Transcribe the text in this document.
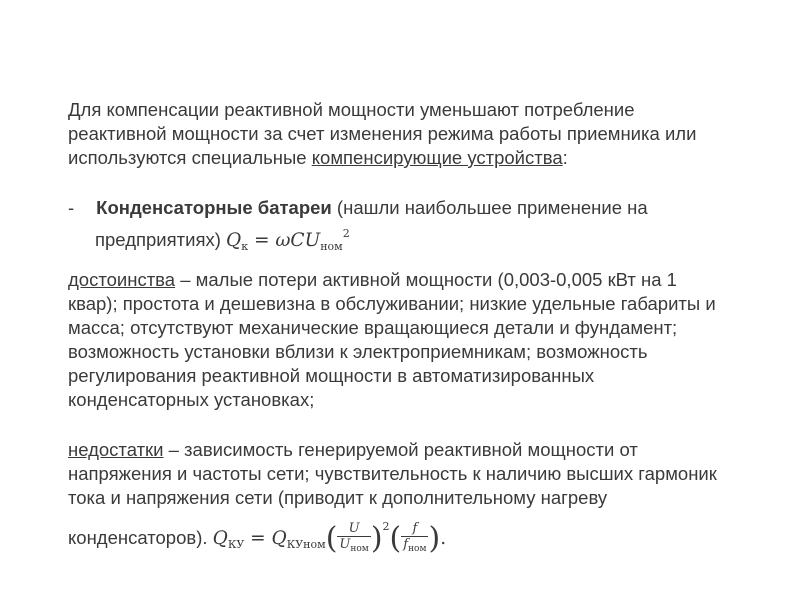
Для компенсации реактивной мощности уменьшают потребление
реактивной мощности за счет изменения режима работы приемника или
используются специальные компенсирующие устройства:
- Конденсаторные батареи (нашли наибольшее применение на
предприятиях) $Q_к = \omega CU_{ном}^2$
достоинства – малые потери активной мощности (0,003-0,005 кВт на 1
квар); простота и дешевизна в обслуживании; низкие удельные габариты и
масса; отсутствуют механические вращающиеся детали и фундамент;
возможность установки вблизи к электроприемникам; возможность
регулирования реактивной мощности в автоматизированных
конденсаторных установках;
недостатки – зависимость генерируемой реактивной мощности от
напряжения и частоты сети; чувствительность к наличию высших гармоник
тока и напряжения сети (приводит к дополнительному нагреву
конденсаторов). $Q_{КУ} = Q_{КУном}( \frac{U}{U_{ном}} )^2( \frac{f}{f_{ном}}$ ).
